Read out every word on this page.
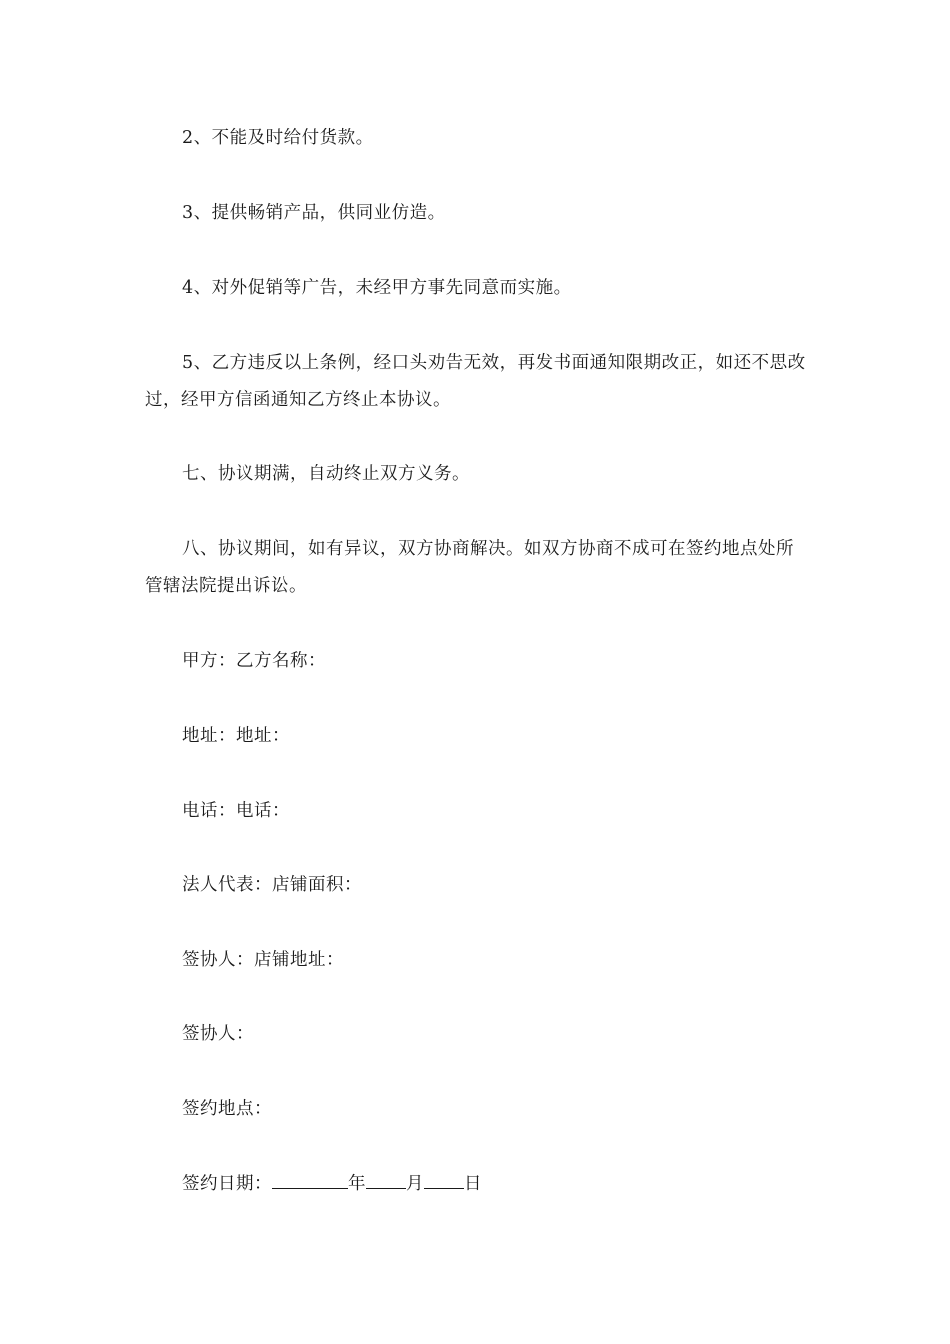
2、不能及时给付货款。

3、提供畅销产品，供同业仿造。

4、对外促销等广告，未经甲方事先同意而实施。

5、乙方违反以上条例，经口头劝告无效，再发书面通知限期改正，如还不思改过，经甲方信函通知乙方终止本协议。

七、协议期满，自动终止双方义务。

八、协议期间，如有异议，双方协商解决。如双方协商不成可在签约地点处所管辖法院提出诉讼。

甲方：乙方名称：

地址：地址：

电话：电话：

法人代表：店铺面积：

签协人：店铺地址：

签协人：

签约地点：

签约日期：	年 月 日
